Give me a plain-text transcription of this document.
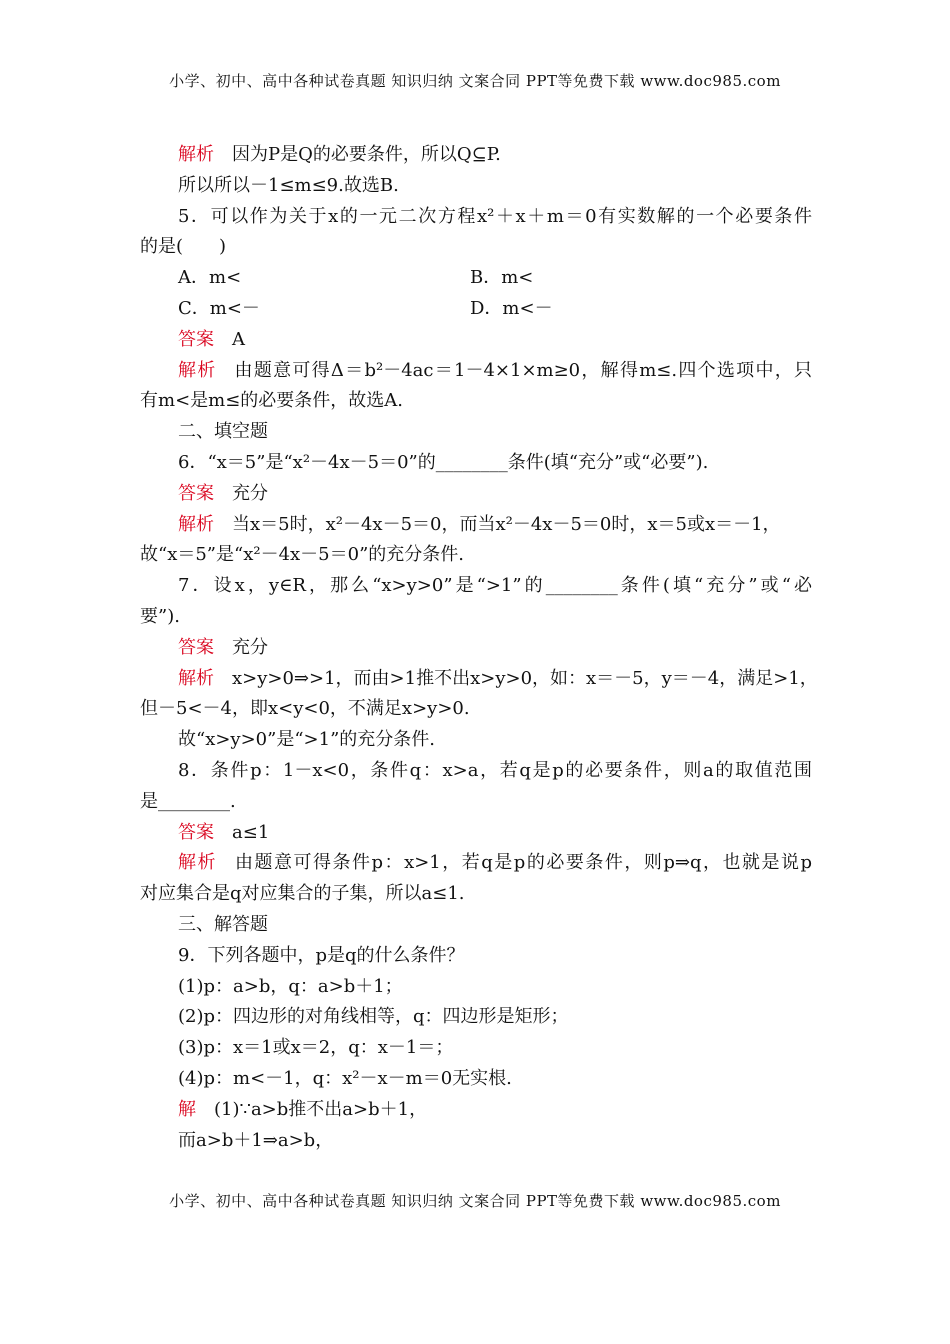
小学、初中、高中各种试卷真题 知识归纳 文案合同 PPT等免费下载 www.doc985.com
解析 因为P是Q的必要条件，所以Q⊆P.
所以所以－1≤m≤9.故选B.
5．可以作为关于x的一元二次方程x²＋x＋m＝0有实数解的一个必要条件
的是(　　)
A．m<	B．m<
C．m<－	D．m<－
答案 A
解析 由题意可得Δ＝b²－4ac＝1－4×1×m≥0，解得m≤.四个选项中，只
有m<是m≤的必要条件，故选A.
二、填空题
6．“x＝5”是“x²－4x－5＝0”的________条件(填“充分”或“必要”).
答案 充分
解析 当x＝5时，x²－4x－5＝0，而当x²－4x－5＝0时，x＝5或x＝－1，
故“x＝5”是“x²－4x－5＝0”的充分条件.
7．设x，y∈R，那么“x>y>0”是“>1”的________条件(填“充分”或“必
要”).
答案 充分
解析 x>y>0⇒>1，而由>1推不出x>y>0，如：x＝－5，y＝－4，满足>1，
但－5<－4，即x<y<0，不满足x>y>0.
故“x>y>0”是“>1”的充分条件.
8．条件p：1－x<0，条件q：x>a，若q是p的必要条件，则a的取值范围
是________.
答案 a≤1
解析 由题意可得条件p：x>1，若q是p的必要条件，则p⇒q，也就是说p
对应集合是q对应集合的子集，所以a≤1.
三、解答题
9．下列各题中，p是q的什么条件？
(1)p：a>b，q：a>b＋1；
(2)p：四边形的对角线相等，q：四边形是矩形；
(3)p：x＝1或x＝2，q：x－1＝；
(4)p：m<－1，q：x²－x－m＝0无实根.
解 (1)∵a>b推不出a>b＋1，
而a>b＋1⇒a>b，
小学、初中、高中各种试卷真题 知识归纳 文案合同 PPT等免费下载 www.doc985.com
